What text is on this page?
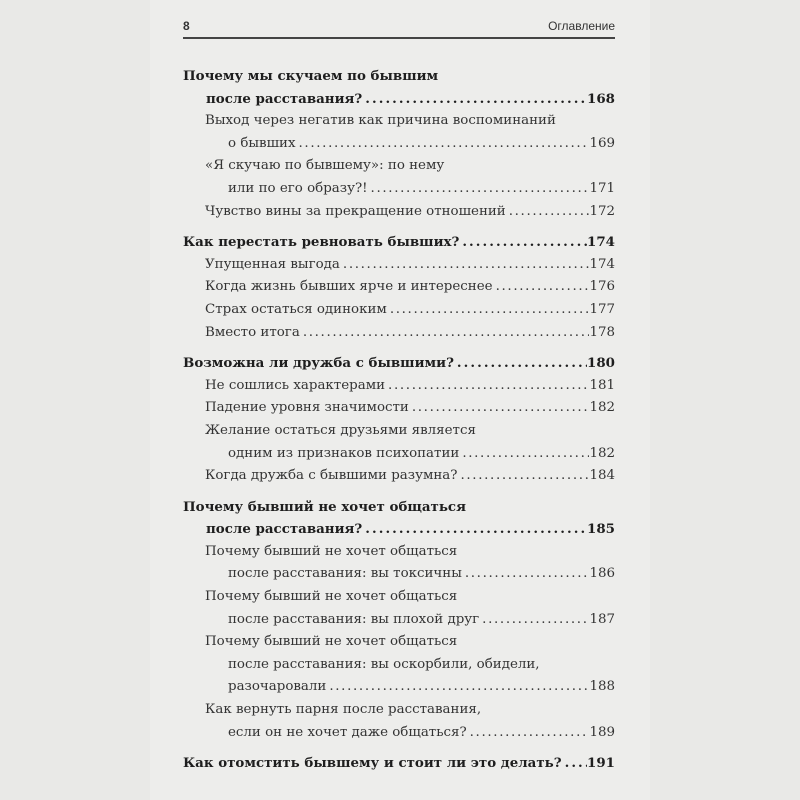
8	Оглавление
Почему мы скучаем по бывшим
после расставания? . . .	168
Выход через негатив как причина воспоминаний
о бывших . . .	169
«Я скучаю по бывшему»: по нему
или по его образу?! . . .	171
Чувство вины за прекращение отношений . . .	172
Как перестать ревновать бывших? . . .	174
Упущенная выгода . . .	174
Когда жизнь бывших ярче и интереснее . . .	176
Страх остаться одиноким . . .	177
Вместо итога . . .	178
Возможна ли дружба с бывшими? . . .	180
Не сошлись характерами . . .	181
Падение уровня значимости . . .	182
Желание остаться друзьями является
одним из признаков психопатии . . .	182
Когда дружба с бывшими разумна? . . .	184
Почему бывший не хочет общаться
после расставания? . . .	185
Почему бывший не хочет общаться
после расставания: вы токсичны . . .	186
Почему бывший не хочет общаться
после расставания: вы плохой друг . . .	187
Почему бывший не хочет общаться
после расставания: вы оскорбили, обидели,
разочаровали . . .	188
Как вернуть парня после расставания,
если он не хочет даже общаться? . . .	189
Как отомстить бывшему и стоит ли это делать? . . . 191
